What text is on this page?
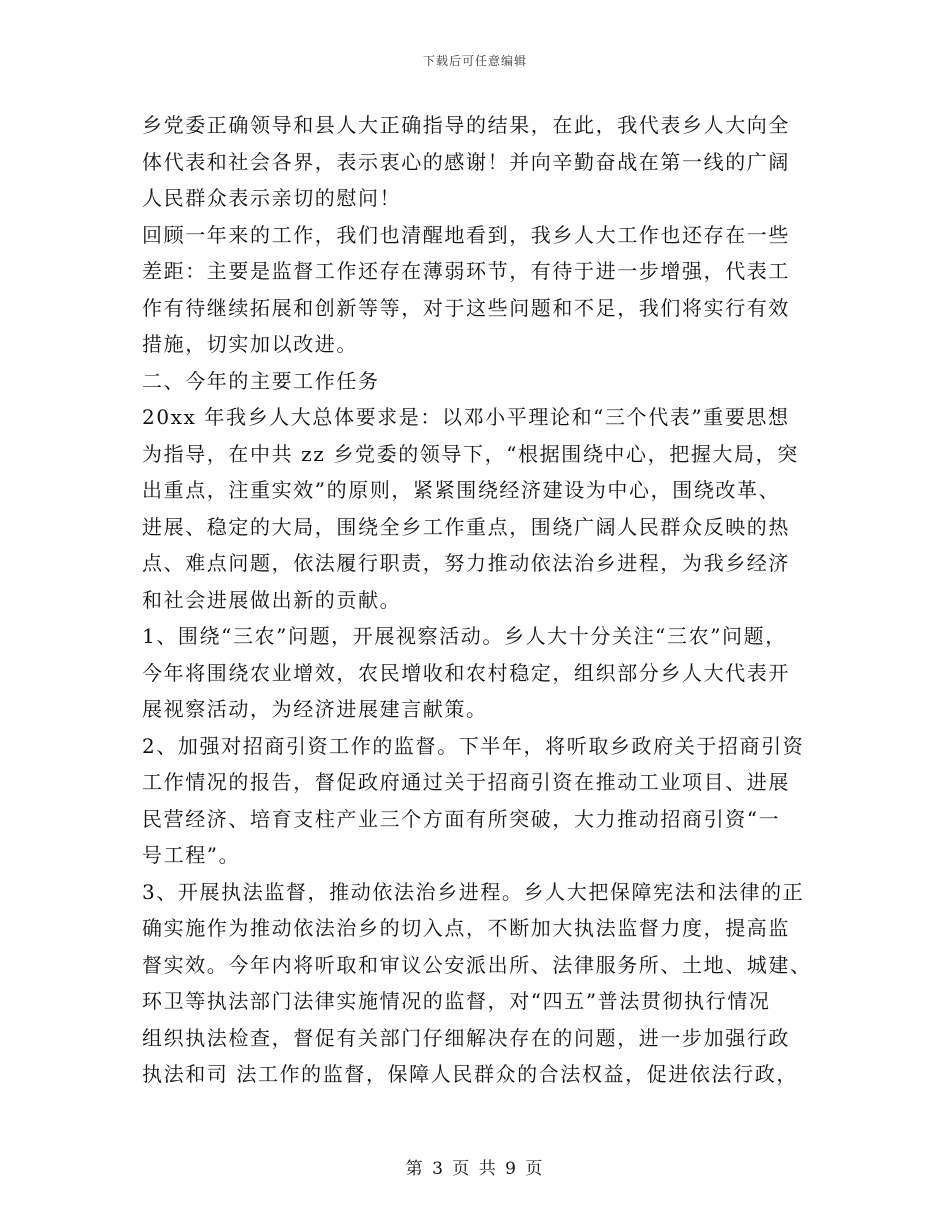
下载后可任意编辑
乡党委正确领导和县人大正确指导的结果，在此，我代表乡人大向全
体代表和社会各界，表示衷心的感谢！并向辛勤奋战在第一线的广阔
人民群众表示亲切的慰问！
回顾一年来的工作，我们也清醒地看到，我乡人大工作也还存在一些
差距：主要是监督工作还存在薄弱环节，有待于进一步增强，代表工
作有待继续拓展和创新等等，对于这些问题和不足，我们将实行有效
措施，切实加以改进。
二、今年的主要工作任务
20xx 年我乡人大总体要求是：以邓小平理论和“三个代表”重要思想
为指导，在中共 zz 乡党委的领导下，“根据围绕中心，把握大局，突
出重点，注重实效”的原则，紧紧围绕经济建设为中心，围绕改革、
进展、稳定的大局，围绕全乡工作重点，围绕广阔人民群众反映的热
点、难点问题，依法履行职责，努力推动依法治乡进程，为我乡经济
和社会进展做出新的贡献。
1、围绕“三农”问题，开展视察活动。乡人大十分关注“三农”问题，
今年将围绕农业增效，农民增收和农村稳定，组织部分乡人大代表开
展视察活动，为经济进展建言献策。
2、加强对招商引资工作的监督。下半年，将听取乡政府关于招商引资
工作情况的报告，督促政府通过关于招商引资在推动工业项目、进展
民营经济、培育支柱产业三个方面有所突破，大力推动招商引资“一
号工程”。
3、开展执法监督，推动依法治乡进程。乡人大把保障宪法和法律的正
确实施作为推动依法治乡的切入点，不断加大执法监督力度，提高监
督实效。今年内将听取和审议公安派出所、法律服务所、土地、城建、
环卫等执法部门法律实施情况的监督，对“四五”普法贯彻执行情况
组织执法检查，督促有关部门仔细解决存在的问题，进一步加强行政
执法和司 法工作的监督，保障人民群众的合法权益，促进依法行政，
第 3 页 共 9 页
